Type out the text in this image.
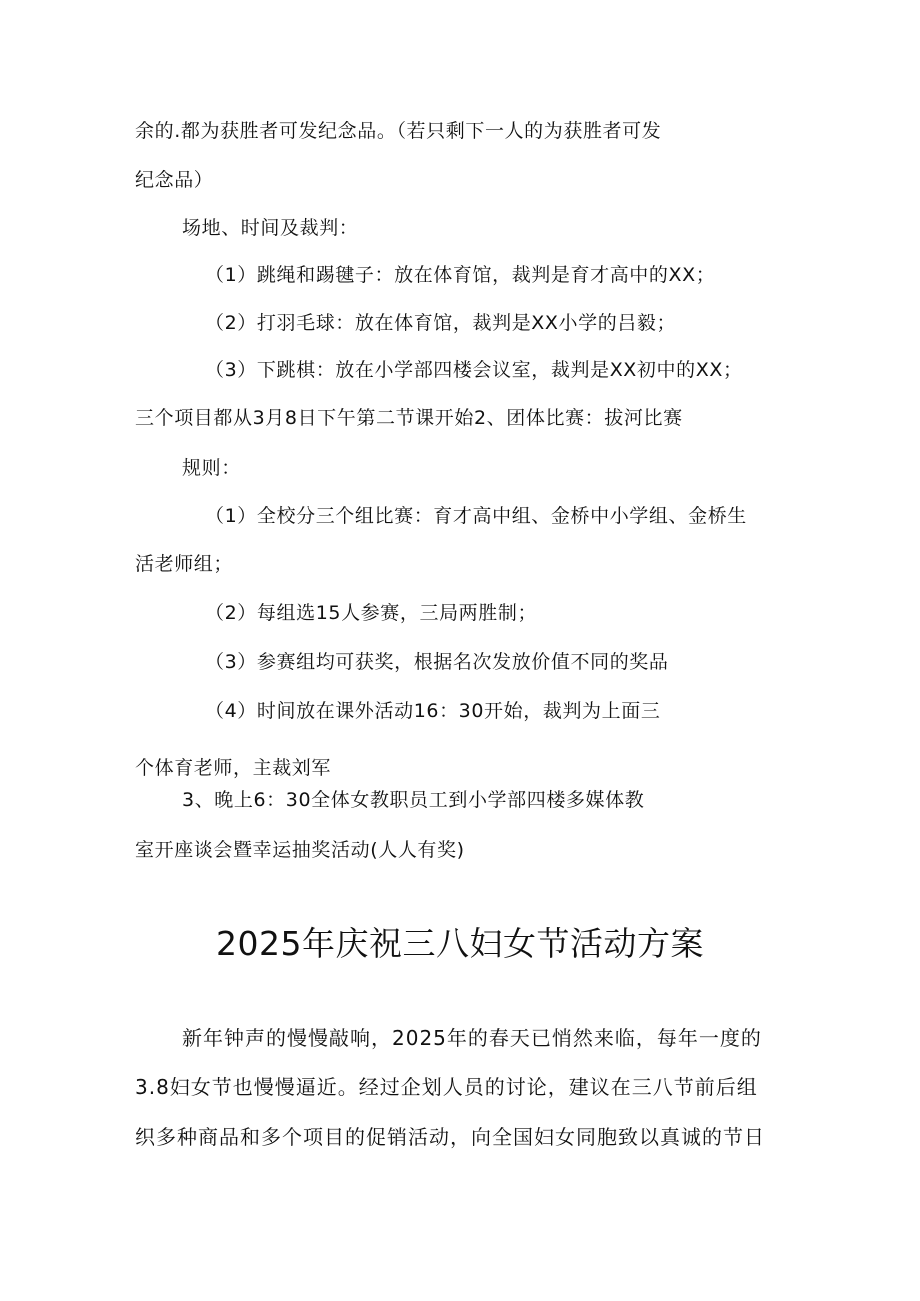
余的.都为获胜者可发纪念品。（若只剩下一人的为获胜者可发
纪念品）
场地、时间及裁判：
（1）跳绳和踢毽子：放在体育馆，裁判是育才高中的XX；
（2）打羽毛球：放在体育馆，裁判是XX小学的吕毅；
（3）下跳棋：放在小学部四楼会议室，裁判是XX初中的XX；
三个项目都从3月8日下午第二节课开始2、团体比赛：拔河比赛
规则：
（1）全校分三个组比赛：育才高中组、金桥中小学组、金桥生
活老师组；
（2）每组选15人参赛，三局两胜制；
（3）参赛组均可获奖，根据名次发放价值不同的奖品
（4）时间放在课外活动16：30开始，裁判为上面三
个体育老师，主裁刘军
3、晚上6：30全体女教职员工到小学部四楼多媒体教
室开座谈会暨幸运抽奖活动(人人有奖)
2025年庆祝三八妇女节活动方案
新年钟声的慢慢敲响，2025年的春天已悄然来临，每年一度的
3.8妇女节也慢慢逼近。经过企划人员的讨论，建议在三八节前后组
织多种商品和多个项目的促销活动，向全国妇女同胞致以真诚的节日
